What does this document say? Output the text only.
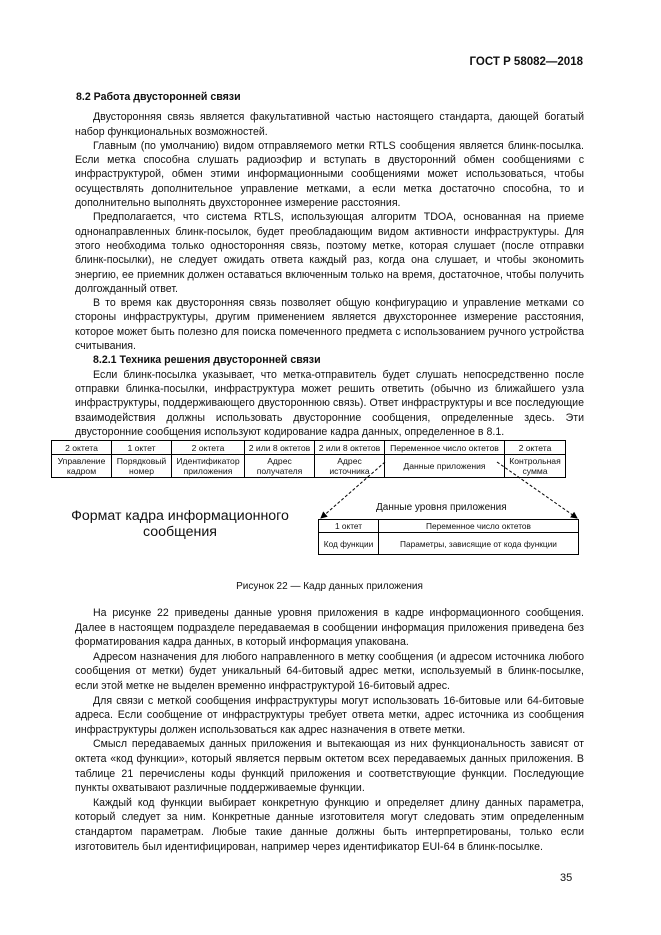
ГОСТ Р 58082—2018
8.2 Работа двусторонней связи

Двусторонняя связь является факультативной частью настоящего стандарта, дающей богатый набор функциональных возможностей.

Главным (по умолчанию) видом отправляемого метки RTLS сообщения является блинк-посылка. Если метка способна слушать радиоэфир и вступать в двусторонний обмен сообщениями с инфраструктурой, обмен этими информационными сообщениями может использоваться, чтобы осуществлять дополнительное управление метками, а если метка достаточно способна, то и дополнительно выполнять двухстороннее измерение расстояния.

Предполагается, что система RTLS, использующая алгоритм TDOA, основанная на приеме однонаправленных блинк-посылок, будет преобладающим видом активности инфраструктуры. Для этого необходима только односторонняя связь, поэтому метке, которая слушает (после отправки блинк-посылки), не следует ожидать ответа каждый раз, когда она слушает, и чтобы экономить энергию, ее приемник должен оставаться включенным только на время, достаточное, чтобы получить долгожданный ответ.

В то время как двусторонняя связь позволяет общую конфигурацию и управление метками со стороны инфраструктуры, другим применением является двухстороннее измерение расстояния, которое может быть полезно для поиска помеченного предмета с использованием ручного устройства считывания.

8.2.1 Техника решения двусторонней связи

Если блинк-посылка указывает, что метка-отправитель будет слушать непосредственно после отправки блинка-посылки, инфраструктура может решить ответить (обычно из ближайшего узла инфраструктуры, поддерживающего двустороннюю связь). Ответ инфраструктуры и все последующие взаимодействия должны использовать двусторонние сообщения, определенные здесь. Эти двусторонние сообщения используют кодирование кадра данных, определенное в 8.1.

2 октета	1 октет	2 октета	2 или 8 октетов	2 или 8 октетов	Переменное число октетов	2 октета
Управление кадром	Порядковый номер	Идентификатор приложения	Адрес получателя	Адрес источника	Данные приложения	Контрольная сумма
Данные уровня приложения
Формат кадра информационного сообщения	1 октет	Переменное число октетов
Код функции	Параметры, зависящие от кода функции
Рисунок 22 — Кадр данных приложения

На рисунке 22 приведены данные уровня приложения в кадре информационного сообщения. Далее в настоящем подразделе передаваемая в сообщении информация приложения приведена без форматирования кадра данных, в который информация упакована.

Адресом назначения для любого направленного в метку сообщения (и адресом источника любого сообщения от метки) будет уникальный 64-битовый адрес метки, используемый в блинк-посылке, если этой метке не выделен временно инфраструктурой 16-битовый адрес.

Для связи с меткой сообщения инфраструктуры могут использовать 16-битовые или 64-битовые адреса. Если сообщение от инфраструктуры требует ответа метки, адрес источника из сообщения инфраструктуры должен использоваться как адрес назначения в ответе метки.

Смысл передаваемых данных приложения и вытекающая из них функциональность зависят от октета «код функции», который является первым октетом всех передаваемых данных приложения. В таблице 21 перечислены коды функций приложения и соответствующие функции. Последующие пункты охватывают различные поддерживаемые функции.

Каждый код функции выбирает конкретную функцию и определяет длину данных параметра, который следует за ним. Конкретные данные изготовителя могут следовать этим определенным стандартом параметрам. Любые такие данные должны быть интерпретированы, только если изготовитель был идентифицирован, например через идентификатор EUI-64 в блинк-посылке.

35
